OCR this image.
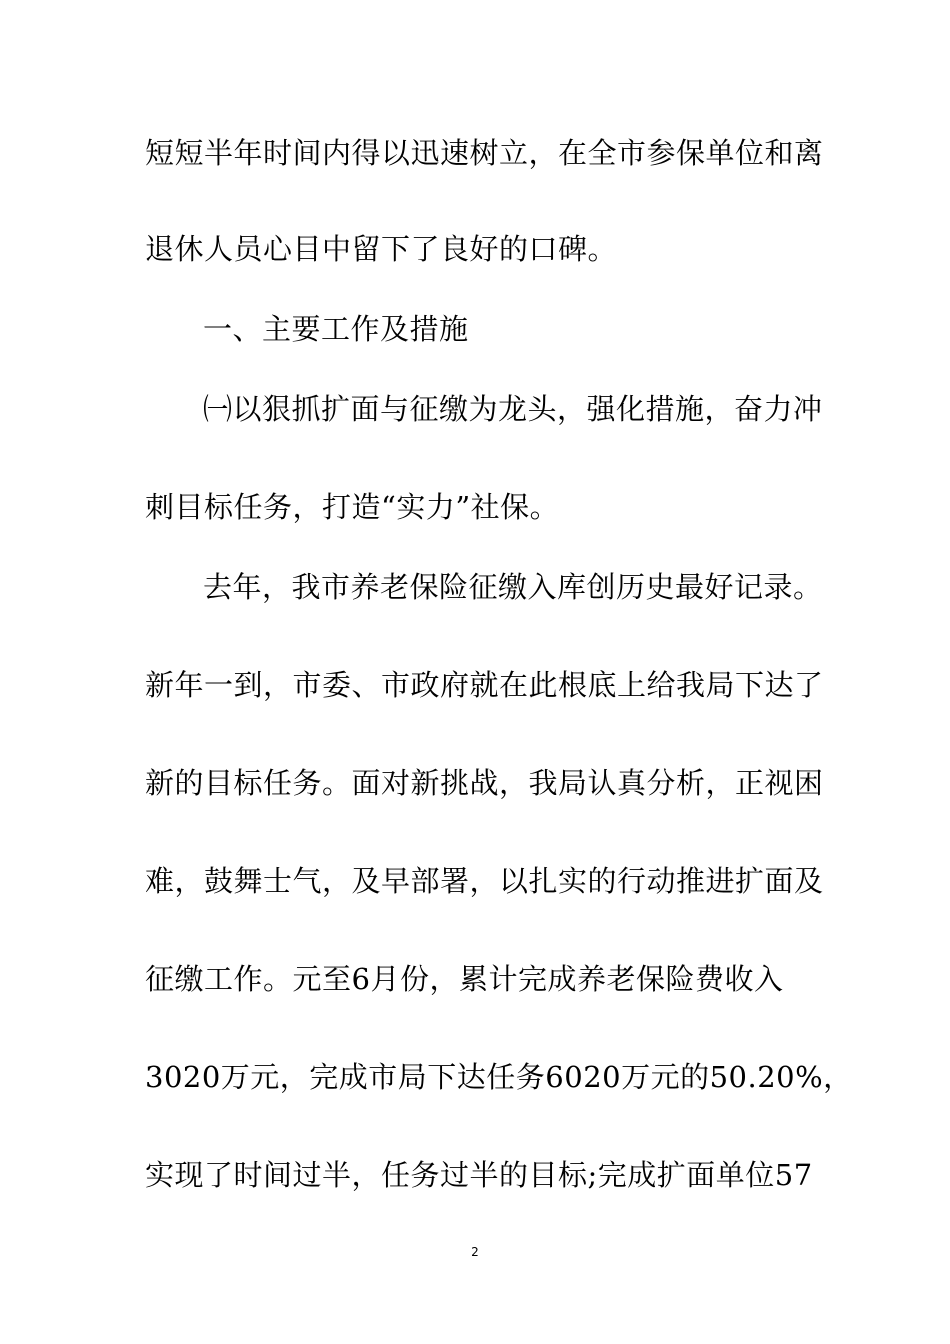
短短半年时间内得以迅速树立，在全市参保单位和离
退休人员心目中留下了良好的口碑。
一、主要工作及措施
㈠以狠抓扩面与征缴为龙头，强化措施，奋力冲
刺目标任务，打造“实力”社保。
去年，我市养老保险征缴入库创历史最好记录。
新年一到，市委、市政府就在此根底上给我局下达了
新的目标任务。面对新挑战，我局认真分析，正视困
难，鼓舞士气，及早部署，以扎实的行动推进扩面及
征缴工作。元至6月份，累计完成养老保险费收入
3020万元，完成市局下达任务6020万元的50.20%，
实现了时间过半，任务过半的目标;完成扩面单位57
2
